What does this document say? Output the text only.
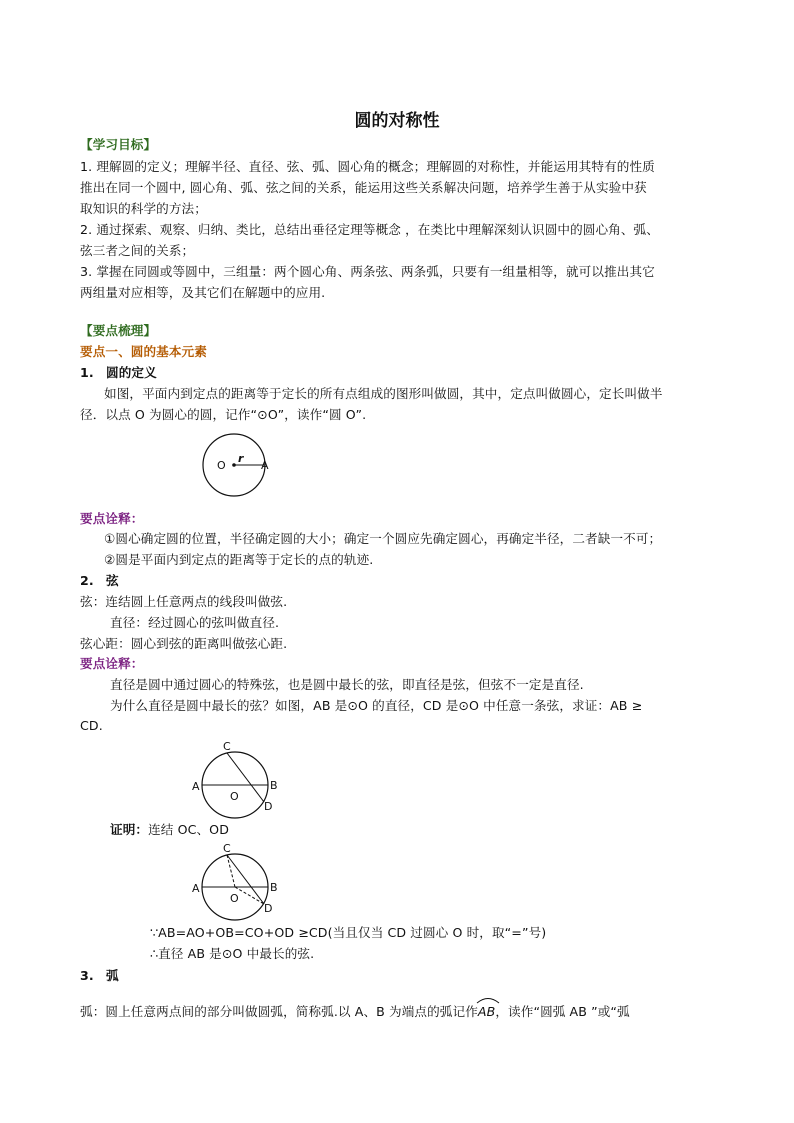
圆的对称性
【学习目标】
1. 理解圆的定义；理解半径、直径、弦、弧、圆心角的概念；理解圆的对称性，并能运用其特有的性质
推出在同一个圆中, 圆心角、弧、弦之间的关系，能运用这些关系解决问题，培养学生善于从实验中获
取知识的科学的方法；
2. 通过探索、观察、归纳、类比，总结出垂径定理等概念 ，在类比中理解深刻认识圆中的圆心角、弧、
弦三者之间的关系；
3. 掌握在同圆或等圆中，三组量：两个圆心角、两条弦、两条弧，只要有一组量相等，就可以推出其它
两组量对应相等，及其它们在解题中的应用.
【要点梳理】
要点一、圆的基本元素
1. 圆的定义
如图，平面内到定点的距离等于定长的所有点组成的图形叫做圆，其中，定点叫做圆心，定长叫做半
径．以点 O 为圆心的圆，记作“⊙O”，读作“圆 O”.
O	A
r
要点诠释：
①圆心确定圆的位置，半径确定圆的大小；确定一个圆应先确定圆心，再确定半径，二者缺一不可；
②圆是平面内到定点的距离等于定长的点的轨迹.
2. 弦
弦：连结圆上任意两点的线段叫做弦.
直径：经过圆心的弦叫做直径.
弦心距：圆心到弦的距离叫做弦心距.
要点诠释：
直径是圆中通过圆心的特殊弦，也是圆中最长的弦，即直径是弦，但弦不一定是直径.
为什么直径是圆中最长的弦？如图，AB 是⊙O 的直径，CD 是⊙O 中任意一条弦，求证：AB ≥
CD.
C
A	B
O
D
证明：连结 OC、OD
C
A	B
O
D
∵AB=AO+OB=CO+OD ≥CD(当且仅当 CD 过圆心 O 时，取“=”号)
∴直径 AB 是⊙O 中最长的弦.
3. 弧
弧：圆上任意两点间的部分叫做圆弧，简称弧.以 A、B 为端点的弧记作
AB，读作“圆弧 AB ”或“弧
